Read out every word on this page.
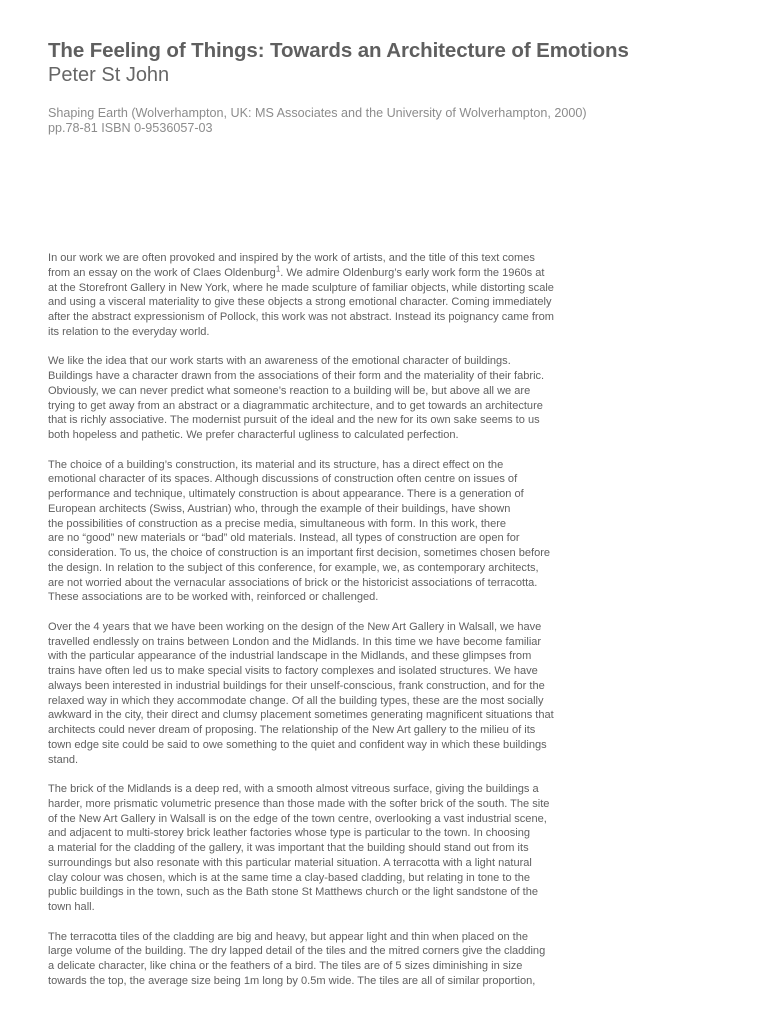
The Feeling of Things: Towards an Architecture of Emotions
Peter St John

Shaping Earth (Wolverhampton, UK: MS Associates and the University of Wolverhampton, 2000)
pp.78-81 ISBN 0-9536057-03

In our work we are often provoked and inspired by the work of artists, and the title of this text comes
from an essay on the work of Claes Oldenburg$^1$. We admire Oldenburg’s early work form the 1960s at
at the Storefront Gallery in New York, where he made sculpture of familiar objects, while distorting scale
and using a visceral materiality to give these objects a strong emotional character. Coming immediately
after the abstract expressionism of Pollock, this work was not abstract. Instead its poignancy came from
its relation to the everyday world.

We like the idea that our work starts with an awareness of the emotional character of buildings.
Buildings have a character drawn from the associations of their form and the materiality of their fabric.
Obviously, we can never predict what someone’s reaction to a building will be, but above all we are
trying to get away from an abstract or a diagrammatic architecture, and to get towards an architecture
that is richly associative. The modernist pursuit of the ideal and the new for its own sake seems to us
both hopeless and pathetic. We prefer characterful ugliness to calculated perfection.

The choice of a building’s construction, its material and its structure, has a direct effect on the
emotional character of its spaces. Although discussions of construction often centre on issues of
performance and technique, ultimately construction is about appearance. There is a generation of
European architects (Swiss, Austrian) who, through the example of their buildings, have shown
the possibilities of construction as a precise media, simultaneous with form. In this work, there
are no “good” new materials or “bad” old materials. Instead, all types of construction are open for
consideration. To us, the choice of construction is an important first decision, sometimes chosen before
the design. In relation to the subject of this conference, for example, we, as contemporary architects,
are not worried about the vernacular associations of brick or the historicist associations of terracotta.
These associations are to be worked with, reinforced or challenged.

Over the 4 years that we have been working on the design of the New Art Gallery in Walsall, we have
travelled endlessly on trains between London and the Midlands. In this time we have become familiar
with the particular appearance of the industrial landscape in the Midlands, and these glimpses from
trains have often led us to make special visits to factory complexes and isolated structures. We have
always been interested in industrial buildings for their unself-conscious, frank construction, and for the
relaxed way in which they accommodate change. Of all the building types, these are the most socially
awkward in the city, their direct and clumsy placement sometimes generating magnificent situations that
architects could never dream of proposing. The relationship of the New Art gallery to the milieu of its
town edge site could be said to owe something to the quiet and confident way in which these buildings
stand.

The brick of the Midlands is a deep red, with a smooth almost vitreous surface, giving the buildings a
harder, more prismatic volumetric presence than those made with the softer brick of the south. The site
of the New Art Gallery in Walsall is on the edge of the town centre, overlooking a vast industrial scene,
and adjacent to multi-storey brick leather factories whose type is particular to the town. In choosing
a material for the cladding of the gallery, it was important that the building should stand out from its
surroundings but also resonate with this particular material situation. A terracotta with a light natural
clay colour was chosen, which is at the same time a clay-based cladding, but relating in tone to the
public buildings in the town, such as the Bath stone St Matthews church or the light sandstone of the
town hall.

The terracotta tiles of the cladding are big and heavy, but appear light and thin when placed on the
large volume of the building. The dry lapped detail of the tiles and the mitred corners give the cladding
a delicate character, like china or the feathers of a bird. The tiles are of 5 sizes diminishing in size
towards the top, the average size being 1m long by 0.5m wide. The tiles are all of similar proportion,
